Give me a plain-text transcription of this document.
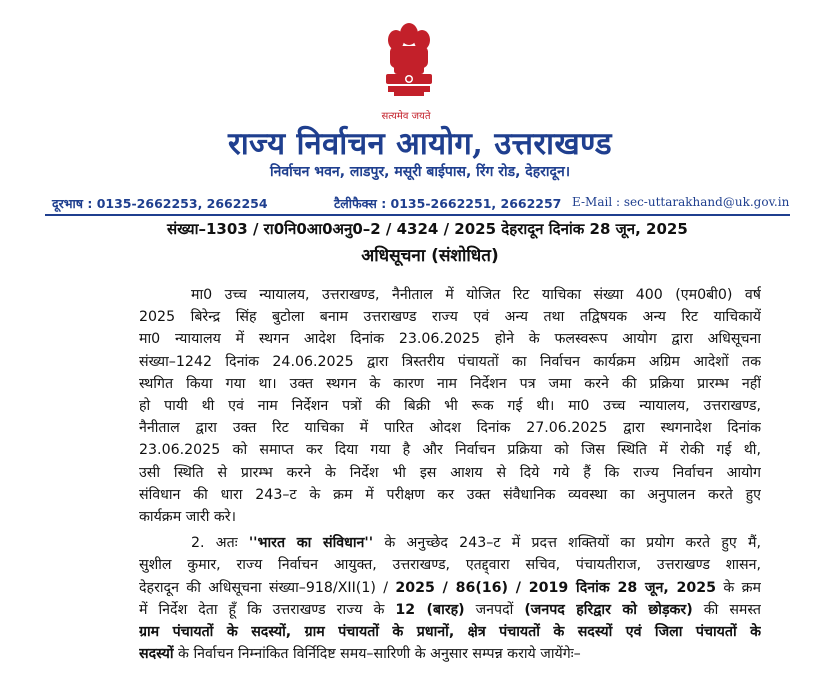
सत्यमेव जयते
राज्य निर्वाचन आयोग, उत्तराखण्ड
निर्वाचन भवन, लाडपुर, मसूरी बाईपास, रिंग रोड, देहरादून।
दूरभाष : 0135-2662253, 2662254	टैलीफैक्स : 0135-2662251, 2662257 E-Mail : sec-uttarakhand@uk.gov.in
संख्या–1303 / रा0नि0आ0अनु0–2 / 4324 / 2025 देहरादून दिनांक 28 जून, 2025
अधिसूचना (संशोधित)
मा0 उच्च न्यायालय, उत्तराखण्ड, नैनीताल में योजित रिट याचिका संख्या 400 (एम0बी0) वर्ष
2025 बिरेन्द्र सिंह बुटोला बनाम उत्तराखण्ड राज्य एवं अन्य तथा तद्विषयक अन्य रिट याचिकायें
मा0 न्यायालय में स्थगन आदेश दिनांक 23.06.2025 होने के फलस्वरूप आयोग द्वारा अधिसूचना
संख्या–1242 दिनांक 24.06.2025 द्वारा त्रिस्तरीय पंचायतों का निर्वाचन कार्यक्रम अग्रिम आदेशों तक
स्थगित किया गया था। उक्त स्थगन के कारण नाम निर्देशन पत्र जमा करने की प्रक्रिया प्रारम्भ नहीं
हो पायी थी एवं नाम निर्देशन पत्रों की बिक्री भी रूक गई थी। मा0 उच्च न्यायालय, उत्तराखण्ड,
नैनीताल द्वारा उक्त रिट याचिका में पारित ओदश दिनांक 27.06.2025 द्वारा स्थगनादेश दिनांक
23.06.2025 को समाप्त कर दिया गया है और निर्वाचन प्रक्रिया को जिस स्थिति में रोकी गई थी,
उसी स्थिति से प्रारम्भ करने के निर्देश भी इस आशय से दिये गये हैं कि राज्य निर्वाचन आयोग
संविधान की धारा 243–ट के क्रम में परीक्षण कर उक्त संवैधानिक व्यवस्था का अनुपालन करते हुए
कार्यक्रम जारी करे।
2. अतः ''भारत का संविधान'' के अनुच्छेद 243–ट में प्रदत्त शक्तियों का प्रयोग करते हुए मैं,
सुशील कुमार, राज्य निर्वाचन आयुक्त, उत्तराखण्ड, एतद्द्वारा सचिव, पंचायतीराज, उत्तराखण्ड शासन,
देहरादून की अधिसूचना संख्या–918/XII(1) / 2025 / 86(16) / 2019 दिनांक 28 जून, 2025 के क्रम
में निर्देश देता हूँ कि उत्तराखण्ड राज्य के 12 (बारह) जनपदों (जनपद हरिद्वार को छोड़कर) की समस्त
ग्राम पंचायतों के सदस्यों, ग्राम पंचायतों के प्रधानों, क्षेत्र पंचायतों के सदस्यों एवं जिला पंचायतों के
सदस्यों के निर्वाचन निम्नांकित विर्निदिष्ट समय–सारिणी के अनुसार सम्पन्न कराये जायेंगेः–
